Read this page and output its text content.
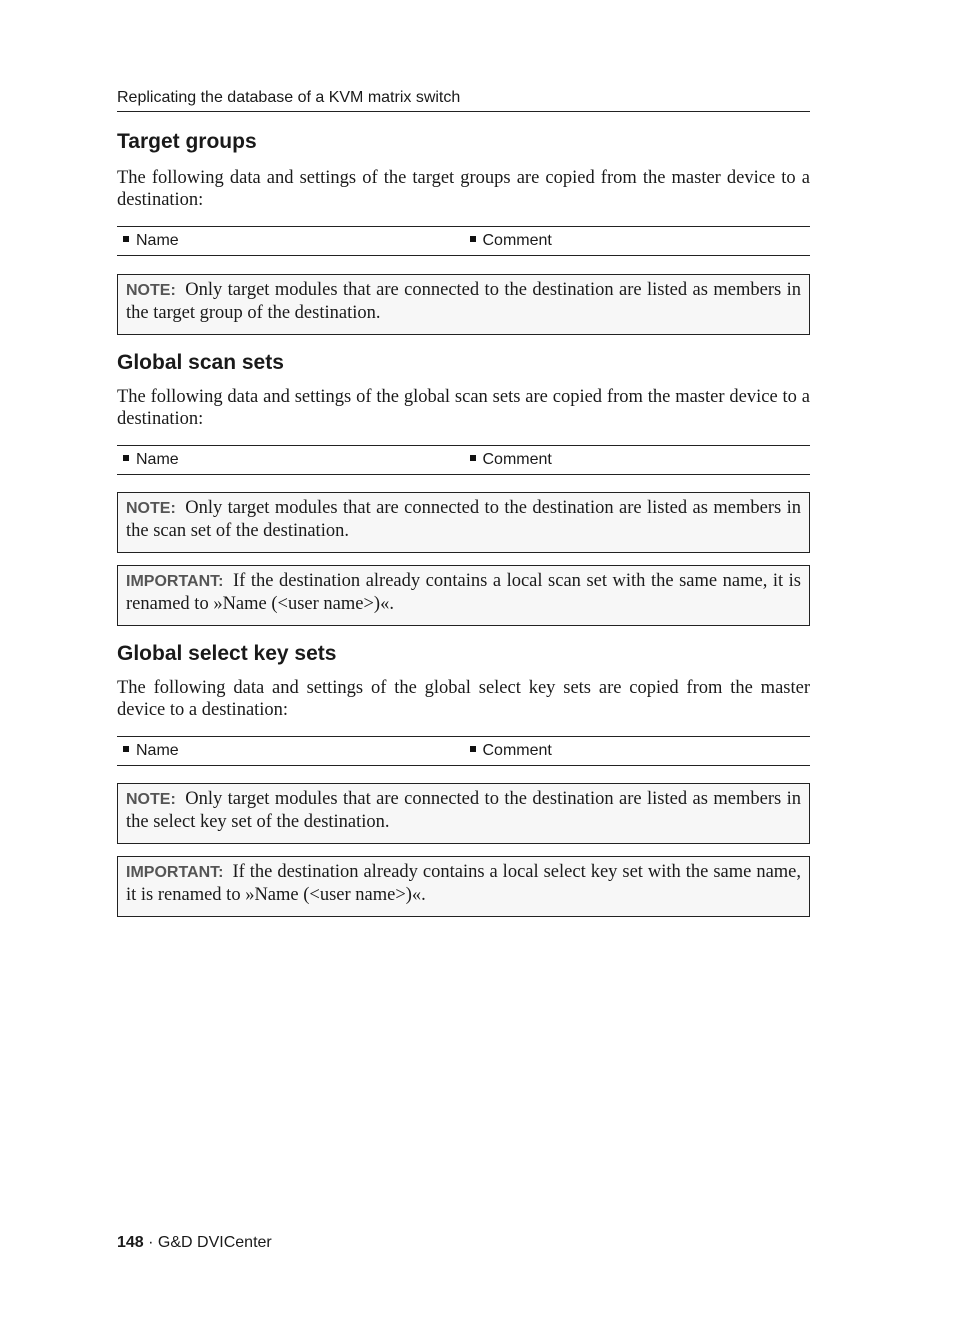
Replicating the database of a KVM matrix switch
Target groups

The following data and settings of the target groups are copied from the master device to a destination:

Name	Comment
NOTE: Only target modules that are connected to the destination are listed as members in the target group of the destination.
Global scan sets

The following data and settings of the global scan sets are copied from the master device to a destination:

Name	Comment
NOTE: Only target modules that are connected to the destination are listed as members in the scan set of the destination.
IMPORTANT: If the destination already contains a local scan set with the same name, it is renamed to »Name (<user name>)«.
Global select key sets

The following data and settings of the global select key sets are copied from the master device to a destination:

Name	Comment
NOTE: Only target modules that are connected to the destination are listed as members in the select key set of the destination.
IMPORTANT: If the destination already contains a local select key set with the same name, it is renamed to »Name (<user name>)«.
148 · G&D DVICenter
